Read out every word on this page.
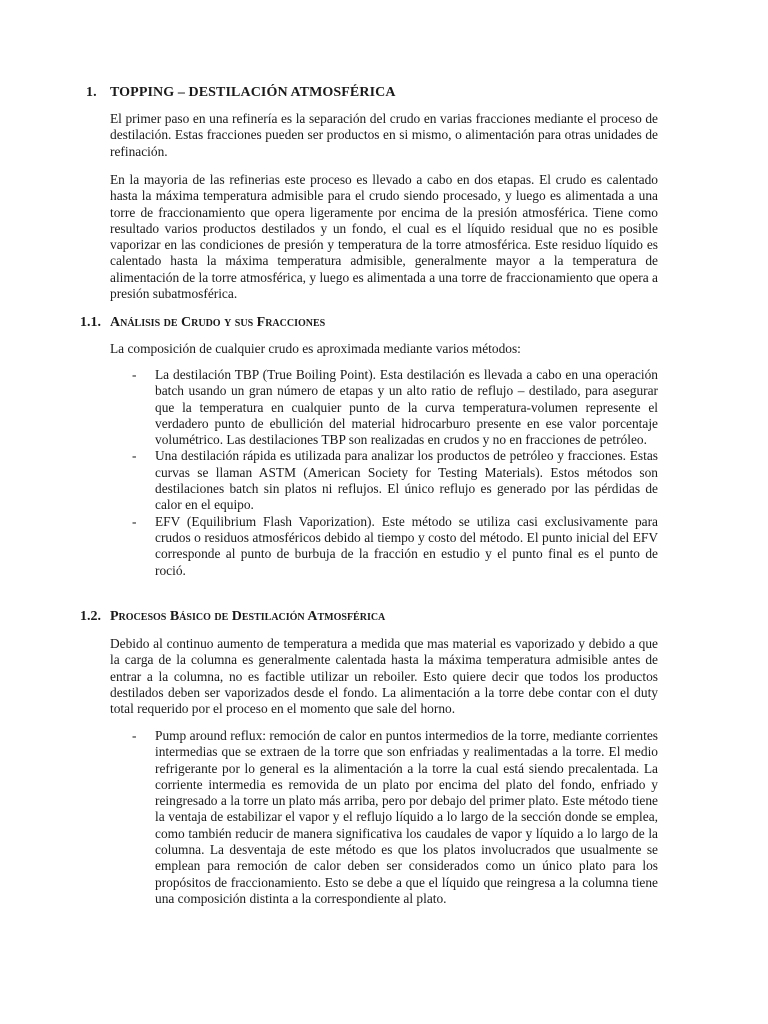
1. TOPPING – DESTILACIÓN ATMOSFÉRICA

El primer paso en una refinería es la separación del crudo en varias fracciones mediante el proceso de destilación. Estas fracciones pueden ser productos en si mismo, o alimentación para otras unidades de refinación.

En la mayoria de las refinerias este proceso es llevado a cabo en dos etapas. El crudo es calentado hasta la máxima temperatura admisible para el crudo siendo procesado, y luego es alimentada a una torre de fraccionamiento que opera ligeramente por encima de la presión atmosférica. Tiene como resultado varios productos destilados y un fondo, el cual es el líquido residual que no es posible vaporizar en las condiciones de presión y temperatura de la torre atmosférica. Este residuo líquido es calentado hasta la máxima temperatura admisible, generalmente mayor a la temperatura de alimentación de la torre atmosférica, y luego es alimentada a una torre de fraccionamiento que opera a presión subatmosférica.

1.1. Análisis de Crudo y sus Fracciones

La composición de cualquier crudo es aproximada mediante varios métodos:

- La destilación TBP (True Boiling Point). Esta destilación es llevada a cabo en una operación batch usando un gran número de etapas y un alto ratio de reflujo – destilado, para asegurar que la temperatura en cualquier punto de la curva temperatura-volumen represente el verdadero punto de ebullición del material hidrocarburo presente en ese valor porcentaje volumétrico. Las destilaciones TBP son realizadas en crudos y no en fracciones de petróleo.
- Una destilación rápida es utilizada para analizar los productos de petróleo y fracciones. Estas curvas se llaman ASTM (American Society for Testing Materials). Estos métodos son destilaciones batch sin platos ni reflujos. El único reflujo es generado por las pérdidas de calor en el equipo.
- EFV (Equilibrium Flash Vaporization). Este método se utiliza casi exclusivamente para crudos o residuos atmosféricos debido al tiempo y costo del método. El punto inicial del EFV corresponde al punto de burbuja de la fracción en estudio y el punto final es el punto de roció.
1.2. Procesos Básico de Destilación Atmosférica

Debido al continuo aumento de temperatura a medida que mas material es vaporizado y debido a que la carga de la columna es generalmente calentada hasta la máxima temperatura admisible antes de entrar a la columna, no es factible utilizar un reboiler. Esto quiere decir que todos los productos destilados deben ser vaporizados desde el fondo. La alimentación a la torre debe contar con el duty total requerido por el proceso en el momento que sale del horno.

- Pump around reflux: remoción de calor en puntos intermedios de la torre, mediante corrientes intermedias que se extraen de la torre que son enfriadas y realimentadas a la torre. El medio refrigerante por lo general es la alimentación a la torre la cual está siendo precalentada. La corriente intermedia es removida de un plato por encima del plato del fondo, enfriado y reingresado a la torre un plato más arriba, pero por debajo del primer plato. Este método tiene la ventaja de estabilizar el vapor y el reflujo líquido a lo largo de la sección donde se emplea, como también reducir de manera significativa los caudales de vapor y líquido a lo largo de la columna. La desventaja de este método es que los platos involucrados que usualmente se emplean para remoción de calor deben ser considerados como un único plato para los propósitos de fraccionamiento. Esto se debe a que el líquido que reingresa a la columna tiene una composición distinta a la correspondiente al plato.
